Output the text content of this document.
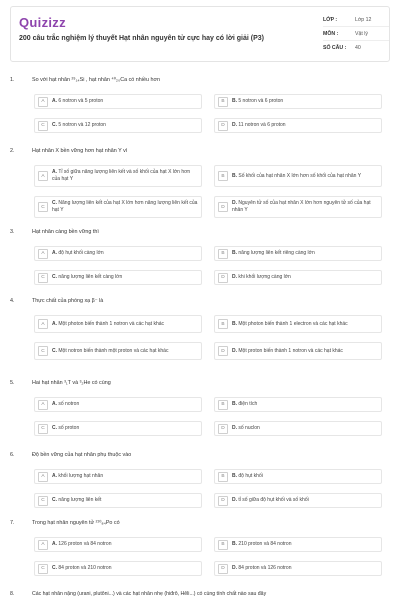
Quizizz
200 câu trắc nghiệm lý thuyết Hạt nhân nguyên tử cực hay có lời giải (P3)
LỚP :	Lớp 12
MÔN :	Vật lý
SỐ CÂU :	40
1.	So với hạt nhân ²⁹₁₄Si , hạt nhân ⁴⁰₂₀Ca có nhiều hơn
A	A. 6 notron và 5 proton	B	B. 5 notron và 6 proton
C	C. 5 notron và 12 proton	D	D. 11 notron và 6 proton
2.	Hạt nhân X bền vững hơn hạt nhân Y vì
A
A. Tỉ số giữa năng lượng liên kết và số khối của hạt X lớn hơn của hạt Y	B	B. Số khối của hạt nhân X lớn hơn số khối của hạt nhân Y
C
C. Năng lượng liên kết của hạt X lớn hơn năng lượng liên kết của hạt Y	D
D. Nguyên tử số của hạt nhân X lớn hơn nguyên tử số của hạt nhân Y
3.	Hạt nhân càng bền vững thì
A	A. độ hụt khối càng lớn	B	B. năng lượng liên kết riêng càng lớn
C	C. năng lượng liên kết càng lớn	D	D. khi khối lượng càng lớn
4.	Thực chất của phóng xạ β⁻ là
A	A. Một photon biến thành 1 notron và các hạt khác	B	B. Một photon biến thành 1 electron và các hạt khác
C	C. Một notron biến thành một proton và các hạt khác	D	D. Một proton biến thành 1 notron và các hạt khác
5.	Hai hạt nhân ³₁T và ³₂He có cùng
A	A. số notron	B	B. điện tích
C	C. số proton	D	D. số nuclon
6.	Độ bền vững của hạt nhân phụ thuộc vào
A	A. khối lượng hạt nhân	B	B. độ hụt khối
C	C. năng lượng liên kết	D	D. tỉ số giữa độ hụt khối và số khối
7.	Trong hạt nhân nguyên tử ²¹⁰₈₄Po có
A	A. 126 proton và 84 notron	B	B. 210 proton và 84 notron
C	C. 84 proton và 210 notron	D	D. 84 proton và 126 notron
8.	Các hạt nhân nặng (urani, plutôni...) và các hạt nhân nhẹ (hiđrô, Hêli...) có cùng tính chất nào sau đây
